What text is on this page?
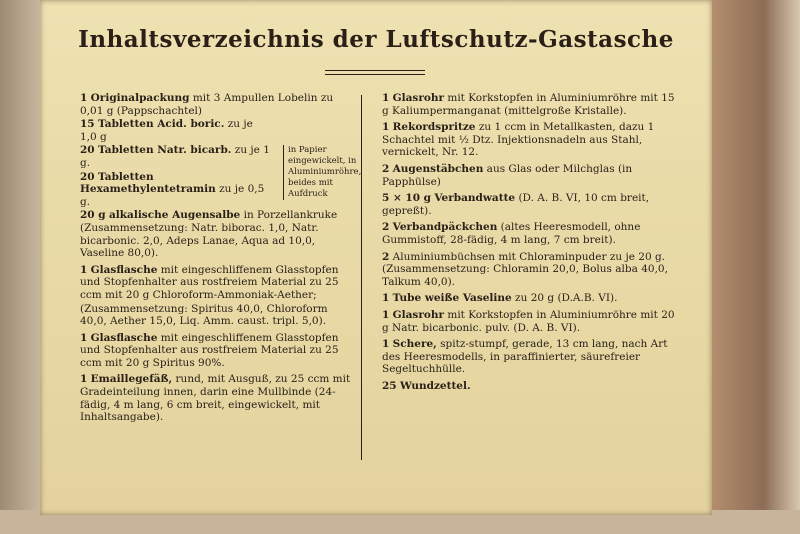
Inhaltsverzeichnis der Luftschutz-Gastasche
1 Originalpackung mit 3 Ampullen Lobelin zu 0,01 g (Pappschachtel)
15 Tabletten Acid. boric. zu je 1,0 g
20 Tabletten Natr. bicarb. zu je 1 g.
20 Tabletten Hexamethylentetramin zu je 0,5 g.
in Papier eingewickelt, in Aluminiumröhre, beides mit Aufdruck
20 g alkalische Augensalbe in Porzellankruke (Zusammensetzung: Natr. biborac. 1,0, Natr. bicarbonic. 2,0, Adeps Lanae, Aqua ad 10,0, Vaseline 80,0).
1 Glasflasche mit eingeschliffenem Glasstopfen und Stopfenhalter aus rostfreiem Material zu 25 ccm mit 20 g Chloroform-Ammoniak-Aether;
(Zusammensetzung: Spiritus 40,0, Chloroform 40,0, Aether 15,0, Liq. Amm. caust. tripl. 5,0).
1 Glasflasche mit eingeschliffenem Glasstopfen und Stopfenhalter aus rostfreiem Material zu 25 ccm mit 20 g Spiritus 90%.
1 Emaillegefäß, rund, mit Ausguß, zu 25 ccm mit Gradeinteilung innen, darin eine Mullbinde (24-fädig, 4 m lang, 6 cm breit, eingewickelt, mit Inhaltsangabe).
1 Glasrohr mit Korkstopfen in Aluminiumröhre mit 15 g Kaliumpermanganat (mittelgroße Kristalle).
1 Rekordspritze zu 1 ccm in Metallkasten, dazu 1 Schachtel mit ½ Dtz. Injektionsnadeln aus Stahl, vernickelt, Nr. 12.
2 Augenstäbchen aus Glas oder Milchglas (in Papphülse)
5 × 10 g Verbandwatte (D. A. B. VI, 10 cm breit, gepreßt).
2 Verbandpäckchen (altes Heeresmodell, ohne Gummistoff, 28-fädig, 4 m lang, 7 cm breit).
2 Aluminiumbüchsen mit Chloraminpuder zu je 20 g. (Zusammensetzung: Chloramin 20,0, Bolus alba 40,0, Talkum 40,0).
1 Tube weiße Vaseline zu 20 g (D.A.B. VI).
1 Glasrohr mit Korkstopfen in Aluminiumröhre mit 20 g Natr. bicarbonic. pulv. (D. A. B. VI).
1 Schere, spitz-stumpf, gerade, 13 cm lang, nach Art des Heeresmodells, in paraffinierter, säurefreier Segeltuchhülle.
25 Wundzettel.
